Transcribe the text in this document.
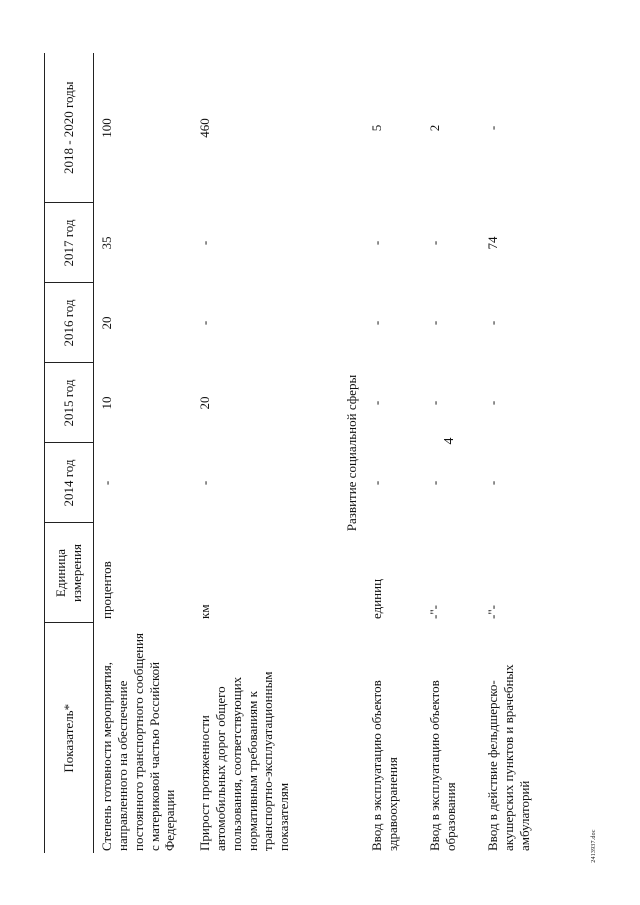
4
Показатель*	Единица измерения	2014 год	2015 год	2016 год	2017 год	2018 - 2020 годы
Степень готовности мероприятия, направленного на обеспечение постоянного транспортного сообщения с материковой частью Российской Федерации	процентов	-	10	20	35	100
Прирост протяженности автомобильных дорог общего пользования, соответствующих нормативным требованиям к транспортно-эксплуатационным показателям	км	-	20	-	-	460
Развитие социальной сферы						
Ввод в эксплуатацию объектов здравоохранения	единиц	-	-	-	-	5
Ввод в эксплуатацию объектов образования	-"-	-	-	-	-	2
Ввод в действие фельдшерско-акушерских пунктов и врачебных амбулаторий	-"-	-	-	-	74	-
2413937.doc
